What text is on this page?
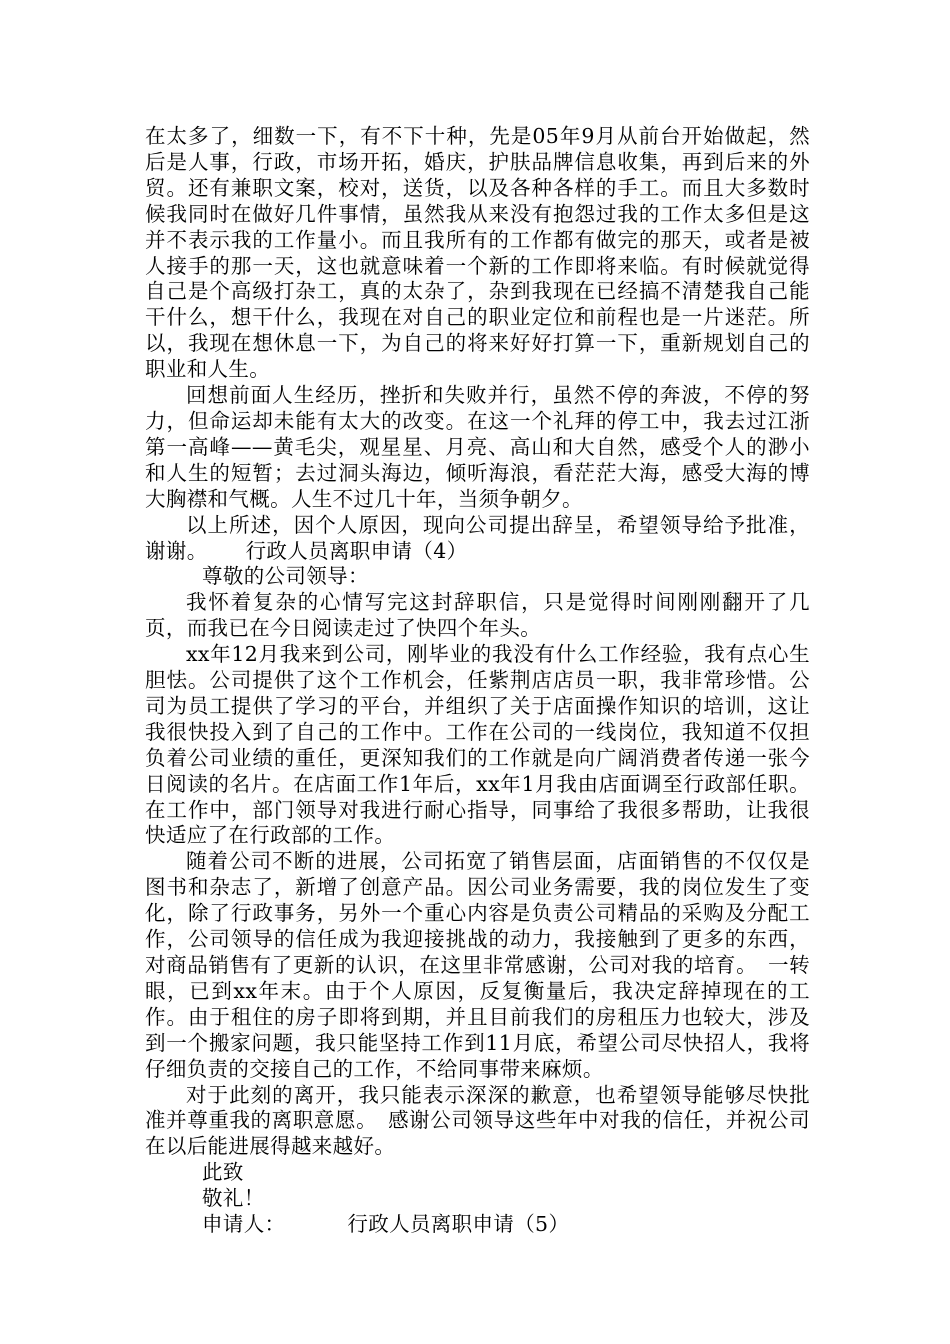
在太多了，细数一下，有不下十种，先是05年9月从前台开始做起，然后是人事，行政，市场开拓，婚庆，护肤品牌信息收集，再到后来的外贸。还有兼职文案，校对，送货，以及各种各样的手工。而且大多数时候我同时在做好几件事情，虽然我从来没有抱怨过我的工作太多但是这并不表示我的工作量小。而且我所有的工作都有做完的那天，或者是被人接手的那一天，这也就意味着一个新的工作即将来临。有时候就觉得自己是个高级打杂工，真的太杂了，杂到我现在已经搞不清楚我自己能干什么，想干什么，我现在对自己的职业定位和前程也是一片迷茫。所以，我现在想休息一下，为自己的将来好好打算一下，重新规划自己的职业和人生。

回想前面人生经历，挫折和失败并行，虽然不停的奔波，不停的努力，但命运却未能有太大的改变。在这一个礼拜的停工中，我去过江浙第一高峰——黄毛尖，观星星、月亮、高山和大自然，感受个人的渺小和人生的短暂；去过洞头海边，倾听海浪，看茫茫大海，感受大海的博大胸襟和气概。人生不过几十年，当须争朝夕。

以上所述，因个人原因，现向公司提出辞呈，希望领导给予批准，谢谢。 行政人员离职申请（4）

尊敬的公司领导：

我怀着复杂的心情写完这封辞职信，只是觉得时间刚刚翻开了几页，而我已在今日阅读走过了快四个年头。

xx年12月我来到公司，刚毕业的我没有什么工作经验，我有点心生胆怯。公司提供了这个工作机会，任紫荆店店员一职，我非常珍惜。公司为员工提供了学习的平台，并组织了关于店面操作知识的培训，这让我很快投入到了自己的工作中。工作在公司的一线岗位，我知道不仅担负着公司业绩的重任，更深知我们的工作就是向广阔消费者传递一张今日阅读的名片。在店面工作1年后，xx年1月我由店面调至行政部任职。在工作中，部门领导对我进行耐心指导，同事给了我很多帮助，让我很快适应了在行政部的工作。

随着公司不断的进展，公司拓宽了销售层面，店面销售的不仅仅是图书和杂志了，新增了创意产品。因公司业务需要，我的岗位发生了变化，除了行政事务，另外一个重心内容是负责公司精品的采购及分配工作，公司领导的信任成为我迎接挑战的动力，我接触到了更多的东西，对商品销售有了更新的认识，在这里非常感谢，公司对我的培育。　一转眼，已到xx年末。由于个人原因，反复衡量后，我决定辞掉现在的工作。由于租住的房子即将到期，并且目前我们的房租压力也较大，涉及到一个搬家问题，我只能坚持工作到11月底，希望公司尽快招人，我将仔细负责的交接自己的工作，不给同事带来麻烦。

对于此刻的离开，我只能表示深深的歉意，也希望领导能够尽快批准并尊重我的离职意愿。　感谢公司领导这些年中对我的信任，并祝公司在以后能进展得越来越好。

此致

敬礼！

申请人：	行政人员离职申请（5）
